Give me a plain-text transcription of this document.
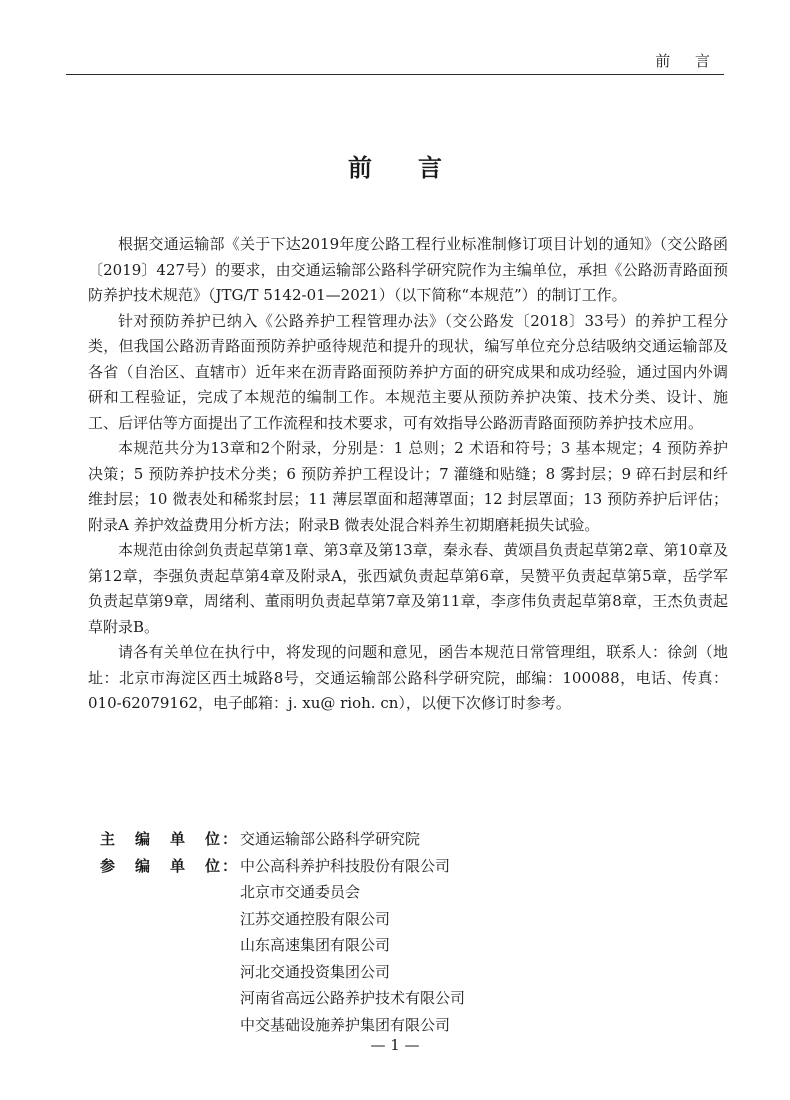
前 言
前言

根据交通运输部《关于下达2019年度公路工程行业标准制修订项目计划的通知》（交公路函〔2019〕427号）的要求，由交通运输部公路科学研究院作为主编单位，承担《公路沥青路面预防养护技术规范》（JTG/T 5142-01—2021）（以下简称“本规范”）的制订工作。

针对预防养护已纳入《公路养护工程管理办法》（交公路发〔2018〕33号）的养护工程分类，但我国公路沥青路面预防养护亟待规范和提升的现状，编写单位充分总结吸纳交通运输部及各省（自治区、直辖市）近年来在沥青路面预防养护方面的研究成果和成功经验，通过国内外调研和工程验证，完成了本规范的编制工作。本规范主要从预防养护决策、技术分类、设计、施工、后评估等方面提出了工作流程和技术要求，可有效指导公路沥青路面预防养护技术应用。

本规范共分为13章和2个附录，分别是：1 总则；2 术语和符号；3 基本规定；4 预防养护决策；5 预防养护技术分类；6 预防养护工程设计；7 灌缝和贴缝；8 雾封层；9 碎石封层和纤维封层；10 微表处和稀浆封层；11 薄层罩面和超薄罩面；12 封层罩面；13 预防养护后评估；附录A 养护效益费用分析方法；附录B 微表处混合料养生初期磨耗损失试验。

本规范由徐剑负责起草第1章、第3章及第13章，秦永春、黄颂昌负责起草第2章、第10章及第12章，李强负责起草第4章及附录A，张西斌负责起草第6章，吴赞平负责起草第5章，岳学军负责起草第9章，周绪利、董雨明负责起草第7章及第11章，李彦伟负责起草第8章，王杰负责起草附录B。

请各有关单位在执行中，将发现的问题和意见，函告本规范日常管理组，联系人：徐剑（地址：北京市海淀区西土城路8号，交通运输部公路科学研究院，邮编：100088，电话、传真：010-62079162，电子邮箱：j. xu@ rioh. cn），以便下次修订时参考。

主编单位 ： 交通运输部公路科学研究院
参编单位 ： 中公高科养护科技股份有限公司
北京市交通委员会
江苏交通控股有限公司
山东高速集团有限公司
河北交通投资集团公司
河南省高远公路养护技术有限公司
中交基础设施养护集团有限公司
— 1 —
